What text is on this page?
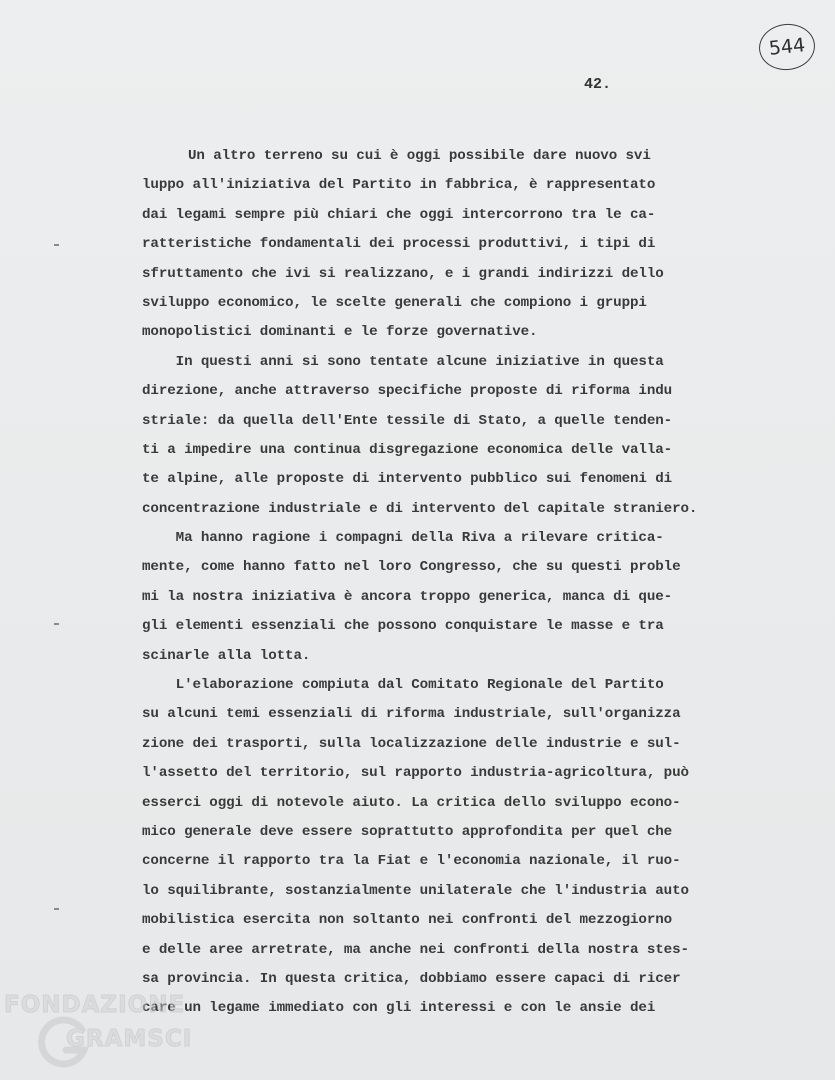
544
42.
Un altro terreno su cui è oggi possibile dare nuovo svi
luppo all'iniziativa del Partito in fabbrica, è rappresentato
dai legami sempre più chiari che oggi intercorrono tra le ca-
ratteristiche fondamentali dei processi produttivi, i tipi di
sfruttamento che ivi si realizzano, e i grandi indirizzi dello
sviluppo economico, le scelte generali che compiono i gruppi
monopolistici dominanti e le forze governative.
In questi anni si sono tentate alcune iniziative in questa
direzione, anche attraverso specifiche proposte di riforma indu
striale: da quella dell'Ente tessile di Stato, a quelle tenden-
ti a impedire una continua disgregazione economica delle valla-
te alpine, alle proposte di intervento pubblico sui fenomeni di
concentrazione industriale e di intervento del capitale straniero.
Ma hanno ragione i compagni della Riva a rilevare critica-
mente, come hanno fatto nel loro Congresso, che su questi proble
mi la nostra iniziativa è ancora troppo generica, manca di que-
gli elementi essenziali che possono conquistare le masse e tra
scinarle alla lotta.
L'elaborazione compiuta dal Comitato Regionale del Partito
su alcuni temi essenziali di riforma industriale, sull'organizza
zione dei trasporti, sulla localizzazione delle industrie e sul-
l'assetto del territorio, sul rapporto industria-agricoltura, può
esserci oggi di notevole aiuto. La critica dello sviluppo econo-
mico generale deve essere soprattutto approfondita per quel che
concerne il rapporto tra la Fiat e l'economia nazionale, il ruo-
lo squilibrante, sostanzialmente unilaterale che l'industria auto
mobilistica esercita non soltanto nei confronti del mezzogiorno
e delle aree arretrate, ma anche nei confronti della nostra stes-
sa provincia. In questa critica, dobbiamo essere capaci di ricer
care un legame immediato con gli interessi e con le ansie dei
FONDAZIONE
GRAMSCI
